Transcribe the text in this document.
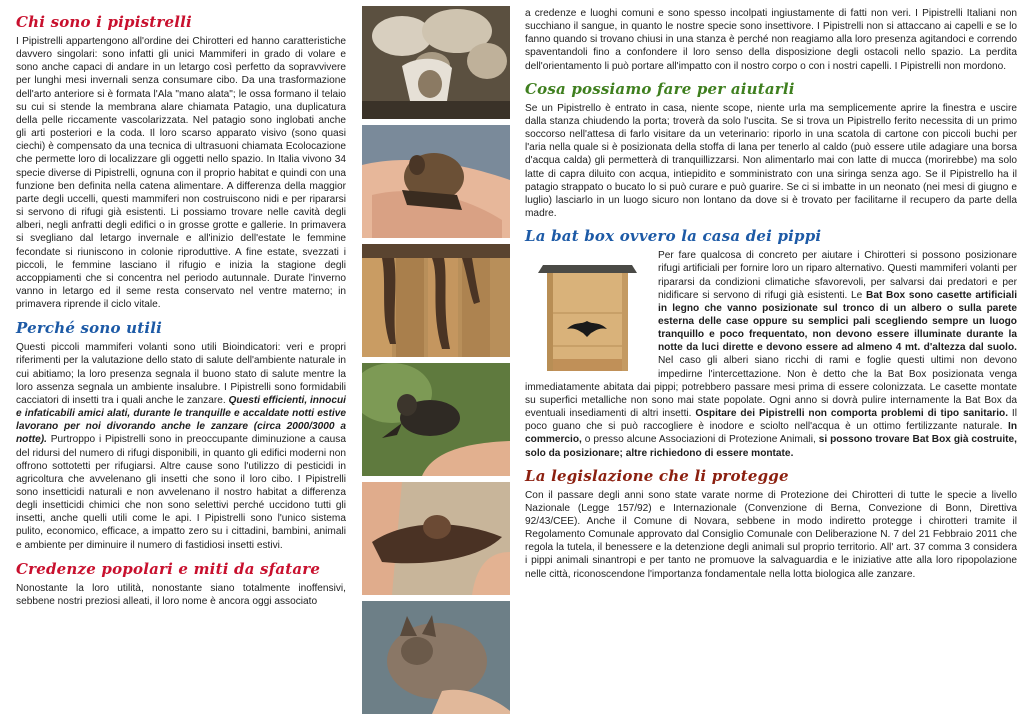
Chi sono i pipistrelli

I Pipistrelli appartengono all'ordine dei Chirotteri ed hanno caratteristiche davvero singolari: sono infatti gli unici Mammiferi in grado di volare e sono anche capaci di andare in un letargo così perfetto da sopravvivere per lunghi mesi invernali senza consumare cibo. Da una trasformazione dell'arto anteriore si è formata l'Ala "mano alata"; le ossa formano il telaio su cui si stende la membrana alare chiamata Patagio, una duplicatura della pelle riccamente vascolarizzata. Nel patagio sono inglobati anche gli arti posteriori e la coda. Il loro scarso apparato visivo (sono quasi ciechi) è compensato da una tecnica di ultrasuoni chiamata Ecolocazione che permette loro di localizzare gli oggetti nello spazio. In Italia vivono 34 specie diverse di Pipistrelli, ognuna con il proprio habitat e quindi con una funzione ben definita nella catena alimentare. A differenza della maggior parte degli uccelli, questi mammiferi non costruiscono nidi e per ripararsi si servono di rifugi già esistenti. Li possiamo trovare nelle cavità degli alberi, negli anfratti degli edifici o in grosse grotte e gallerie. In primavera si svegliano dal letargo invernale e all'inizio dell'estate le femmine fecondate si riuniscono in colonie riproduttive. A fine estate, svezzati i piccoli, le femmine lasciano il rifugio e inizia la stagione degli accoppiamenti che si concentra nel periodo autunnale. Durate l'inverno vanno in letargo ed il seme resta conservato nel ventre materno; in primavera riprende il ciclo vitale.

Perché sono utili

Questi piccoli mammiferi volanti sono utili Bioindicatori: veri e propri riferimenti per la valutazione dello stato di salute dell'ambiente naturale in cui abitiamo; la loro presenza segnala il buono stato di salute mentre la loro assenza segnala un ambiente insalubre. I Pipistrelli sono formidabili cacciatori di insetti tra i quali anche le zanzare. Questi efficienti, innocui e infaticabili amici alati, durante le tranquille e accaldate notti estive lavorano per noi divorando anche le zanzare (circa 2000/3000 a notte). Purtroppo i Pipistrelli sono in preoccupante diminuzione a causa del ridursi del numero di rifugi disponibili, in quanto gli edifici moderni non offrono sottotetti per rifugiarsi. Altre cause sono l'utilizzo di pesticidi in agricoltura che avvelenano gli insetti che sono il loro cibo. I Pipistrelli sono insetticidi naturali e non avvelenano il nostro habitat a differenza degli insetticidi chimici che non sono selettivi perché uccidono tutti gli insetti, anche quelli utili come le api. I Pipistrelli sono l'unico sistema pulito, economico, efficace, a impatto zero su i cittadini, bambini, animali e ambiente per diminuire il numero di fastidiosi insetti estivi.

Credenze popolari e miti da sfatare

Nonostante la loro utilità, nonostante siano totalmente inoffensivi, sebbene nostri preziosi alleati, il loro nome è ancora oggi associato

a credenze e luoghi comuni e sono spesso incolpati ingiustamente di fatti non veri. I Pipistrelli Italiani non succhiano il sangue, in quanto le nostre specie sono insettivore. I Pipistrelli non si attaccano ai capelli e se lo fanno quando si trovano chiusi in una stanza è perché non reagiamo alla loro presenza agitandoci e correndo spaventandoli fino a confondere il loro senso della disposizione degli ostacoli nello spazio. La perdita dell'orientamento li può portare all'impatto con il nostro corpo o con i nostri capelli. I Pipistrelli non mordono.

Cosa possiamo fare per aiutarli

Se un Pipistrello è entrato in casa, niente scope, niente urla ma semplicemente aprire la finestra e uscire dalla stanza chiudendo la porta; troverà da solo l'uscita. Se si trova un Pipistrello ferito necessita di un primo soccorso nell'attesa di farlo visitare da un veterinario: riporlo in una scatola di cartone con piccoli buchi per l'aria nella quale si è posizionata della stoffa di lana per tenerlo al caldo (può essere utile adagiare una borsa d'acqua calda) gli permetterà di tranquillizzarsi. Non alimentarlo mai con latte di mucca (morirebbe) ma solo latte di capra diluito con acqua, intiepidito e somministrato con una siringa senza ago. Se il Pipistrello ha il patagio strappato o bucato lo si può curare e può guarire. Se ci si imbatte in un neonato (nei mesi di giugno e luglio) lasciarlo in un luogo sicuro non lontano da dove si è trovato per facilitarne il recupero da parte della madre.

La bat box ovvero la casa dei pippi

Per fare qualcosa di concreto per aiutare i Chirotteri si possono posizionare rifugi artificiali per fornire loro un riparo alternativo. Questi mammiferi volanti per ripararsi da condizioni climatiche sfavorevoli, per salvarsi dai predatori e per nidificare si servono di rifugi già esistenti. Le Bat Box sono casette artificiali in legno che vanno posizionate sul tronco di un albero o sulla parete esterna delle case oppure su semplici pali scegliendo sempre un luogo tranquillo e poco frequentato, non devono essere illuminate durante la notte da luci dirette e devono essere ad almeno 4 mt. d'altezza dal suolo. Nel caso gli alberi siano ricchi di rami e foglie questi ultimi non devono impedirne l'intercettazione. Non è detto che la Bat Box posizionata venga immediatamente abitata dai pippi; potrebbero passare mesi prima di essere colonizzata. Le casette montate su superfici metalliche non sono mai state popolate. Ogni anno si dovrà pulire internamente la Bat Box da eventuali insediamenti di altri insetti. Ospitare dei Pipistrelli non comporta problemi di tipo sanitario. Il poco guano che si può raccogliere è inodore e sciolto nell'acqua è un ottimo fertilizzante naturale. In commercio, o presso alcune Associazioni di Protezione Animali, si possono trovare Bat Box già costruite, solo da posizionare; altre richiedono di essere montate.

La legislazione che li protegge

Con il passare degli anni sono state varate norme di Protezione dei Chirotteri di tutte le specie a livello Nazionale (Legge 157/92) e Internazionale (Convenzione di Berna, Convezione di Bonn, Direttiva 92/43/CEE). Anche il Comune di Novara, sebbene in modo indiretto protegge i chirotteri tramite il Regolamento Comunale approvato dal Consiglio Comunale con Deliberazione N. 7 del 21 Febbraio 2011 che regola la tutela, il benessere e la detenzione degli animali sul proprio territorio. All' art. 37 comma 3 considera i pippi animali sinantropi e per tanto ne promuove la salvaguardia e le iniziative atte alla loro ripopolazione nelle città, riconoscendone l'importanza fondamentale nella lotta biologica alle zanzare.
